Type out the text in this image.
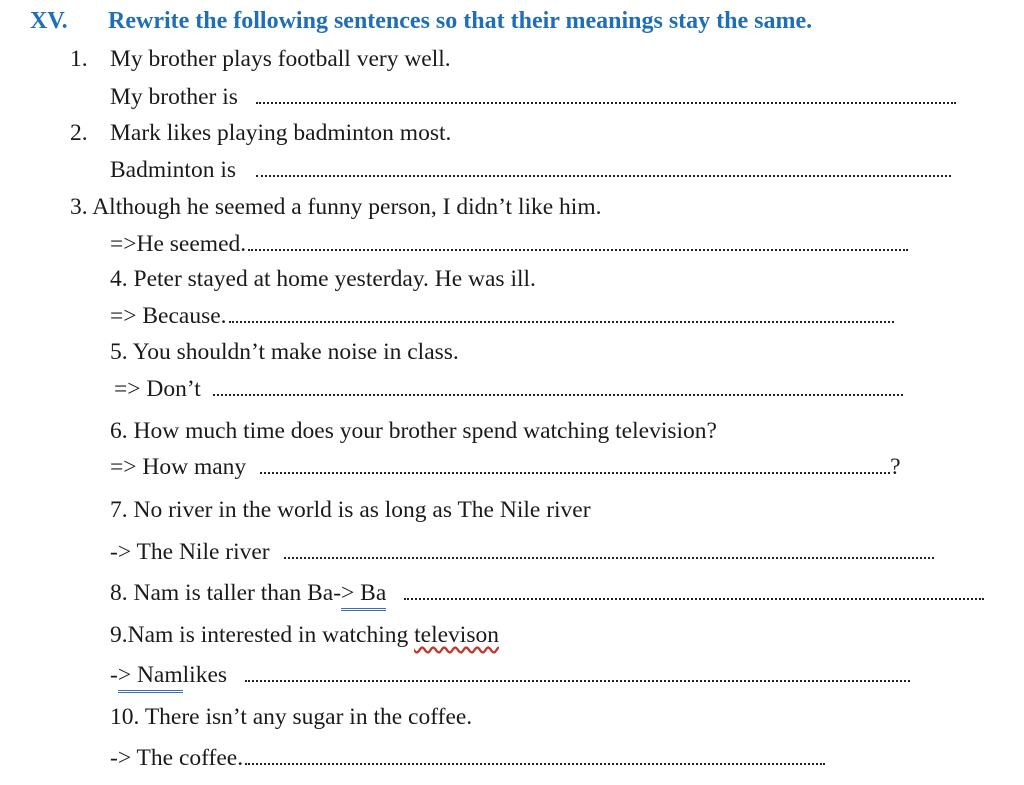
XV. Rewrite the following sentences so that their meanings stay the same.
1. My brother plays football very well.
My brother is
2. Mark likes playing badminton most.
Badminton is
3. Although he seemed a funny person, I didn’t like him.
=>He seemed.
4. Peter stayed at home yesterday. He was ill.
=> Because.
5. You shouldn’t make noise in class.
=> Don’t
6. How much time does your brother spend watching television?
=> How many	?
7. No river in the world is as long as The Nile river
-> The Nile river
8. Nam is taller than Ba- > Ba
9.Nam is interested in watching televison
- > Nam likes
10. There isn’t any sugar in the coffee.
-> The coffee.
